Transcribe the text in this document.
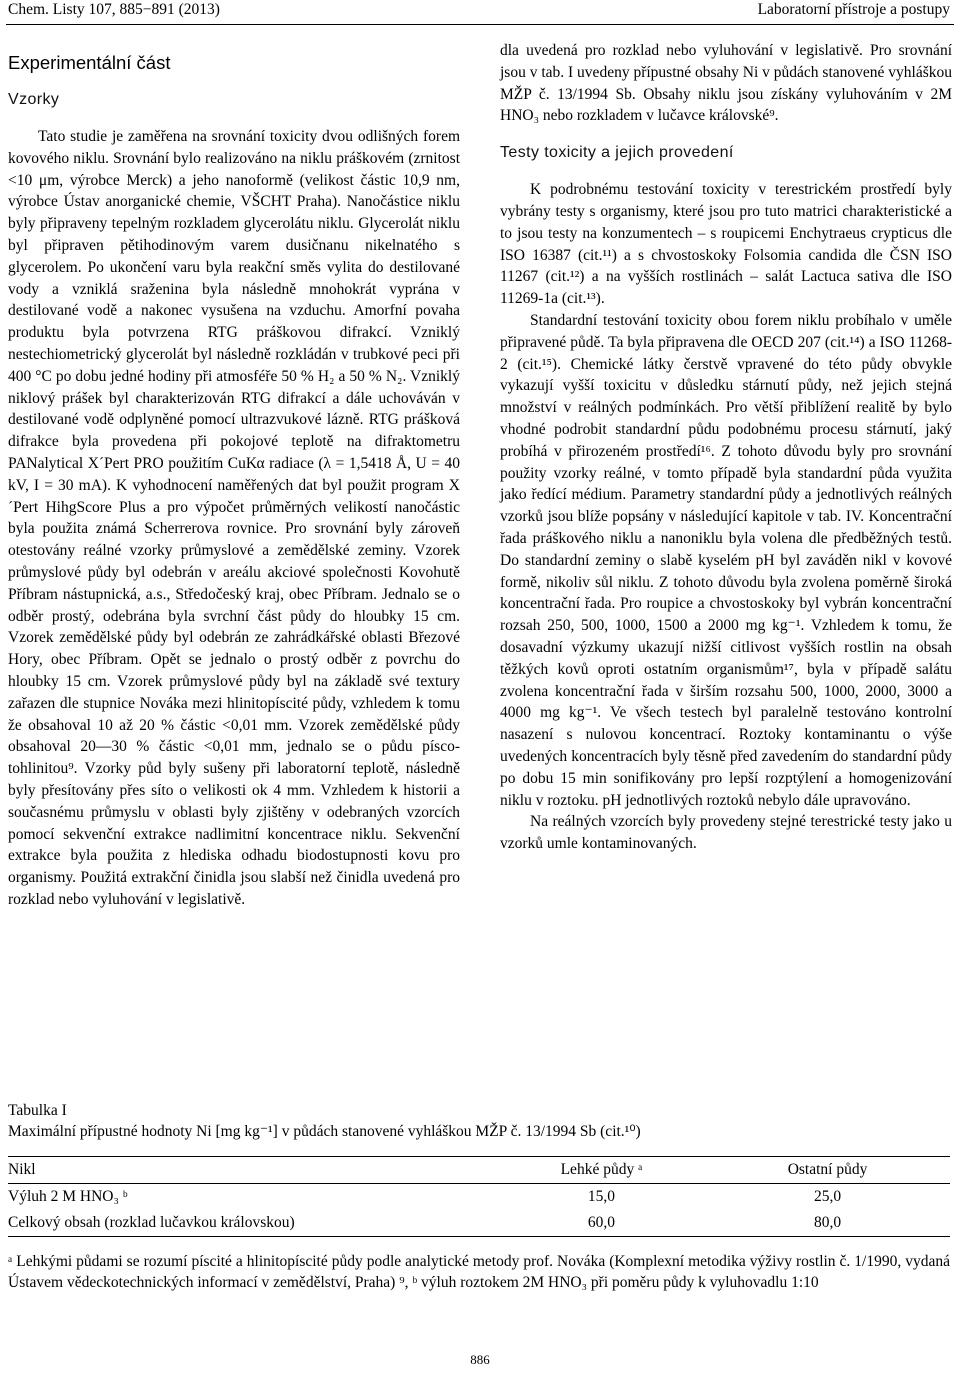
Chem. Listy 107, 885−891 (2013)	Laboratorní přístroje a postupy
Experimentální část
Vzorky

Tato studie je zaměřena na srovnání toxicity dvou odlišných forem kovového niklu. Srovnání bylo realizováno na niklu práškovém (zrnitost <10 μm, výrobce Merck) a jeho nanoformě (velikost částic 10,9 nm, výrobce Ústav anorganické chemie, VŠCHT Praha). Nanočástice niklu byly připraveny tepelným rozkladem glycerolátu niklu. Glycerolát niklu byl připraven pětihodinovým varem dusičnanu nikelnatého s glycerolem. Po ukončení varu byla reakční směs vylita do destilované vody a vzniklá sraženina byla následně mnohokrát vyprána v destilované vodě a nakonec vysušena na vzduchu. Amorfní povaha produktu byla potvrzena RTG práškovou difrakcí. Vzniklý nestechiometrický glycerolát byl následně rozkládán v trubkové peci při 400 °C po dobu jedné hodiny při atmosféře 50 % H₂ a 50 % N₂. Vzniklý niklový prášek byl charakterizován RTG difrakcí a dále uchováván v destilované vodě odplyněné pomocí ultrazvukové lázně. RTG prášková difrakce byla provedena při pokojové teplotě na difraktometru PANalytical X´Pert PRO použitím CuΚα radiace (λ = 1,5418 Å, U = 40 kV, I = 30 mA). K vyhodnocení naměřených dat byl použit program X´Pert HihgScore Plus a pro výpočet průměrných velikostí nanočástic byla použita známá Scherrerova rovnice. Pro srovnání byly zároveň otestovány reálné vzorky průmyslové a zemědělské zeminy. Vzorek průmyslové půdy byl odebrán v areálu akciové společnosti Kovohutě Příbram nástupnická, a.s., Středočeský kraj, obec Příbram. Jednalo se o odběr prostý, odebrána byla svrchní část půdy do hloubky 15 cm. Vzorek zemědělské půdy byl odebrán ze zahrádkářské oblasti Březové Hory, obec Příbram. Opět se jednalo o prostý odběr z povrchu do hloubky 15 cm. Vzorek průmyslové půdy byl na základě své textury zařazen dle stupnice Nováka mezi hlinitopíscité půdy, vzhledem k tomu že obsahoval 10 až 20 % částic <0,01 mm. Vzorek zemědělské půdy obsahoval 20—30 % částic <0,01 mm, jednalo se o půdu písco-tohlinitou⁹. Vzorky půd byly sušeny při laboratorní teplotě, následně byly přesítovány přes síto o velikosti ok 4 mm. Vzhledem k historii a současnému průmyslu v oblasti byly zjištěny v odebraných vzorcích pomocí sekvenční extrakce nadlimitní koncentrace niklu. Sekvenční extrakce byla použita z hlediska odhadu biodostupnosti kovu pro organismy. Použitá extrakční činidla jsou slabší než činidla uvedená pro rozklad nebo vyluhování v legislativě.

dla uvedená pro rozklad nebo vyluhování v legislativě. Pro srovnání jsou v tab. I uvedeny přípustné obsahy Ni v půdách stanovené vyhláškou MŽP č. 13/1994 Sb. Obsahy niklu jsou získány vyluhováním v 2M HNO₃ nebo rozkladem v lučavce královské⁹.

Testy toxicity a jejich provedení

K podrobnému testování toxicity v terestrickém prostředí byly vybrány testy s organismy, které jsou pro tuto matrici charakteristické a to jsou testy na konzumentech – s roupicemi Enchytraeus crypticus dle ISO 16387 (cit.¹¹) a s chvostoskoky Folsomia candida dle ČSN ISO 11267 (cit.¹²) a na vyšších rostlinách – salát Lactuca sativa dle ISO 11269-1a (cit.¹³).

Standardní testování toxicity obou forem niklu probíhalo v uměle připravené půdě. Ta byla připravena dle OECD 207 (cit.¹⁴) a ISO 11268-2 (cit.¹⁵). Chemické látky čerstvě vpravené do této půdy obvykle vykazují vyšší toxicitu v důsledku stárnutí půdy, než jejich stejná množství v reálných podmínkách. Pro větší přiblížení realitě by bylo vhodné podrobit standardní půdu podobnému procesu stárnutí, jaký probíhá v přirozeném prostředí¹⁶. Z tohoto důvodu byly pro srovnání použity vzorky reálné, v tomto případě byla standardní půda využita jako ředící médium. Parametry standardní půdy a jednotlivých reálných vzorků jsou blíže popsány v následující kapitole v tab. IV. Koncentrační řada práškového niklu a nanoniklu byla volena dle předběžných testů. Do standardní zeminy o slabě kyselém pH byl zaváděn nikl v kovové formě, nikoliv sůl niklu. Z tohoto důvodu byla zvolena poměrně široká koncentrační řada. Pro roupice a chvostoskoky byl vybrán koncentrační rozsah 250, 500, 1000, 1500 a 2000 mg kg⁻¹. Vzhledem k tomu, že dosavadní výzkumy ukazují nižší citlivost vyšších rostlin na obsah těžkých kovů oproti ostatním organismům¹⁷, byla v případě salátu zvolena koncentrační řada v širším rozsahu 500, 1000, 2000, 3000 a 4000 mg kg⁻¹. Ve všech testech byl paralelně testováno kontrolní nasazení s nulovou koncentrací. Roztoky kontaminantu o výše uvedených koncentracích byly těsně před zavedením do standardní půdy po dobu 15 min sonifikovány pro lepší rozptýlení a homogenizování niklu v roztoku. pH jednotlivých roztoků nebylo dále upravováno.

Na reálných vzorcích byly provedeny stejné terestrické testy jako u vzorků umle kontaminovaných.

Tabulka I

Maximální přípustné hodnoty Ni [mg kg⁻¹] v půdách stanovené vyhláškou MŽP č. 13/1994 Sb (cit.¹⁰)

Nikl	Lehké půdy ᵃ	Ostatní půdy
Výluh 2 M HNO₃ ᵇ	15,0	25,0
Celkový obsah (rozklad lučavkou královskou)	60,0	80,0

ᵃ Lehkými půdami se rozumí píscité a hlinitopíscité půdy podle analytické metody prof. Nováka (Komplexní metodika výživy rostlin č. 1/1990, vydaná Ústavem vědeckotechnických informací v zemědělství, Praha) ⁹, ᵇ výluh roztokem 2M HNO₃ při poměru půdy k vyluhovadlu 1:10

886
